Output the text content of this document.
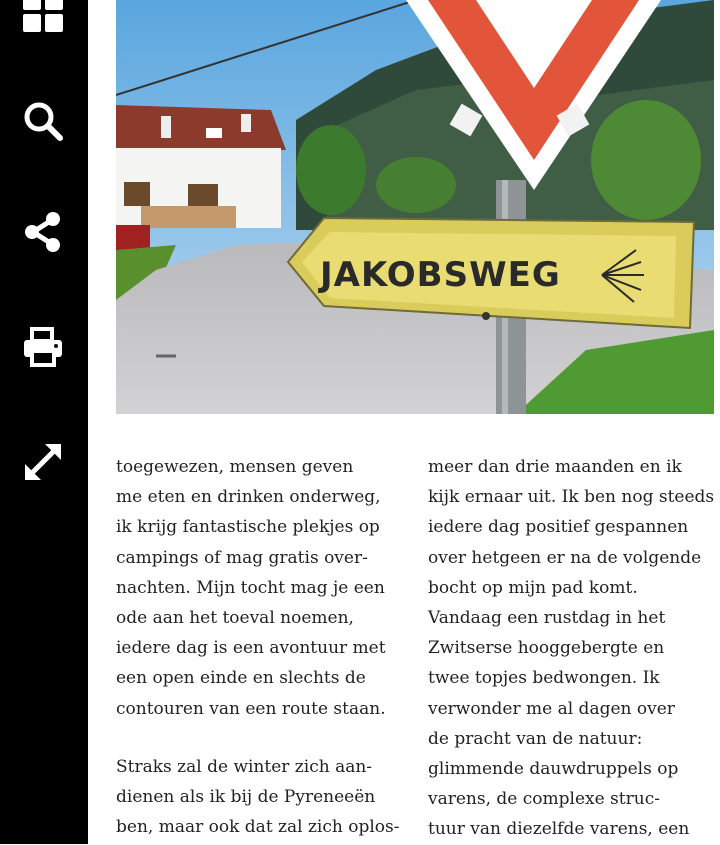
JAKOBSWEG

toegewezen, mensen geven

me eten en drinken onderweg,

ik krijg fantastische plekjes op

campings of mag gratis over-

nachten. Mijn tocht mag je een

ode aan het toeval noemen,

iedere dag is een avontuur met

een open einde en slechts de

contouren van een route staan.

Straks zal de winter zich aan-

dienen als ik bij de Pyreneeën

ben, maar ook dat zal zich oplos-

meer dan drie maanden en ik

kijk ernaar uit. Ik ben nog steeds

iedere dag positief gespannen

over hetgeen er na de volgende

bocht op mijn pad komt.

Vandaag een rustdag in het

Zwitserse hooggebergte en

twee topjes bedwongen. Ik

verwonder me al dagen over

de pracht van de natuur:

glimmende dauwdruppels op

varens, de complexe struc-

tuur van diezelfde varens, een
